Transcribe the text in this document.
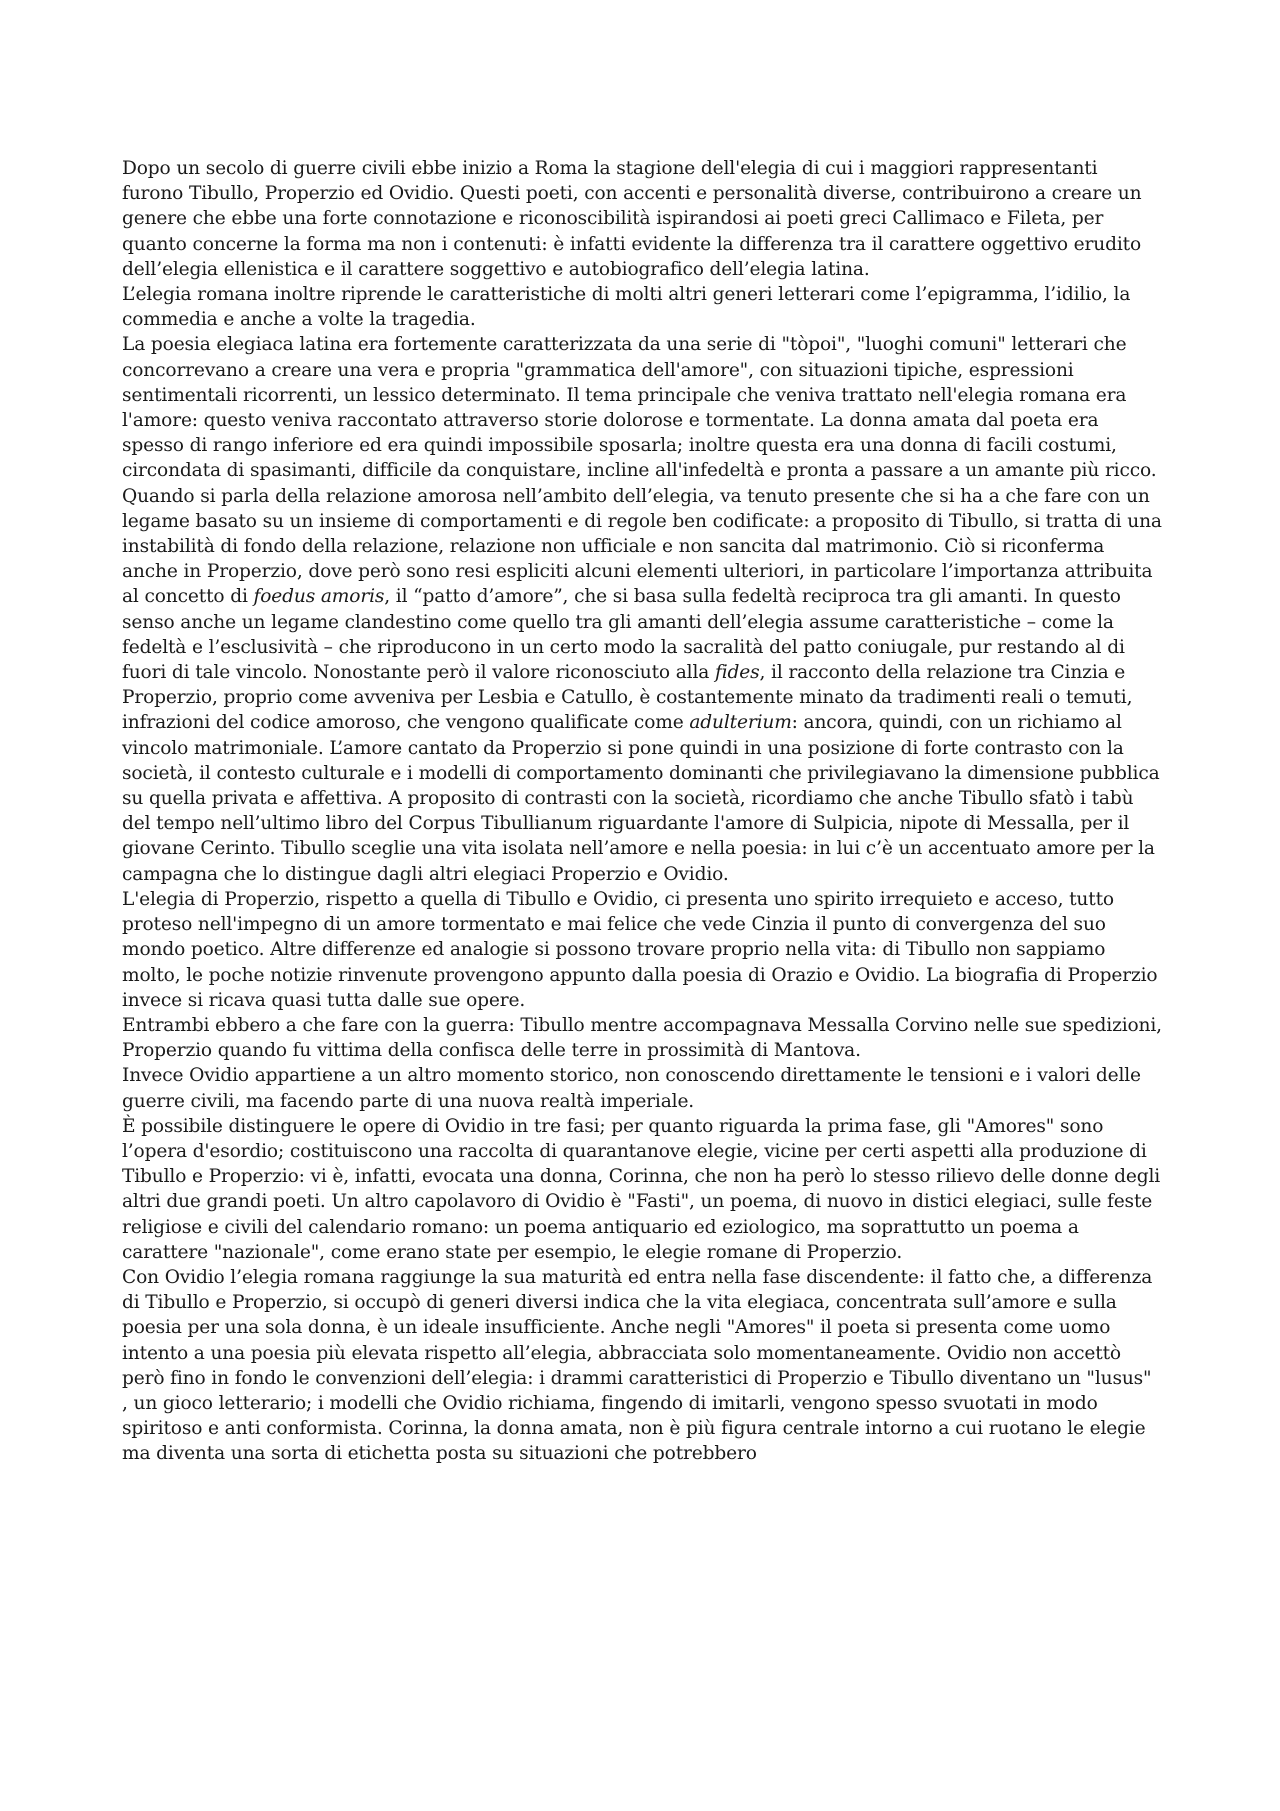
Dopo un secolo di guerre civili ebbe inizio a Roma la stagione dell'elegia di cui i maggiori rappresentanti furono Tibullo, Properzio ed Ovidio. Questi poeti, con accenti e personalità diverse, contribuirono a creare un genere che ebbe una forte connotazione e riconoscibilità ispirandosi ai poeti greci Callimaco e Fileta, per quanto concerne la forma ma non i contenuti: è infatti evidente la differenza tra il carattere oggettivo erudito dell’elegia ellenistica e il carattere soggettivo e autobiografico dell’elegia latina.

L’elegia romana inoltre riprende le caratteristiche di molti altri generi letterari come l’epigramma, l’idilio, la commedia e anche a volte la tragedia.

La poesia elegiaca latina era fortemente caratterizzata da una serie di "tòpoi", "luoghi comuni" letterari che concorrevano a creare una vera e propria "grammatica dell'amore", con situazioni tipiche, espressioni sentimentali ricorrenti, un lessico determinato. Il tema principale che veniva trattato nell'elegia romana era l'amore: questo veniva raccontato attraverso storie dolorose e tormentate. La donna amata dal poeta era spesso di rango inferiore ed era quindi impossibile sposarla; inoltre questa era una donna di facili costumi, circondata di spasimanti, difficile da conquistare, incline all'infedeltà e pronta a passare a un amante più ricco. Quando si parla della relazione amorosa nell’ambito dell’elegia, va tenuto presente che si ha a che fare con un legame basato su un insieme di comportamenti e di regole ben codificate: a proposito di Tibullo, si tratta di una instabilità di fondo della relazione, relazione non ufficiale e non sancita dal matrimonio. Ciò si riconferma anche in Properzio, dove però sono resi espliciti alcuni elementi ulteriori, in particolare l’importanza attribuita al concetto di foedus amoris, il “patto d’amore”, che si basa sulla fedeltà reciproca tra gli amanti. In questo senso anche un legame clandestino come quello tra gli amanti dell’elegia assume caratteristiche – come la fedeltà e l’esclusività – che riproducono in un certo modo la sacralità del patto coniugale, pur restando al di fuori di tale vincolo. Nonostante però il valore riconosciuto alla fides, il racconto della relazione tra Cinzia e Properzio, proprio come avveniva per Lesbia e Catullo, è costantemente minato da tradimenti reali o temuti, infrazioni del codice amoroso, che vengono qualificate come adulterium: ancora, quindi, con un richiamo al vincolo matrimoniale. L’amore cantato da Properzio si pone quindi in una posizione di forte contrasto con la società, il contesto culturale e i modelli di comportamento dominanti che privilegiavano la dimensione pubblica su quella privata e affettiva. A proposito di contrasti con la società, ricordiamo che anche Tibullo sfatò i tabù del tempo nell’ultimo libro del Corpus Tibullianum riguardante l'amore di Sulpicia, nipote di Messalla, per il giovane Cerinto. Tibullo sceglie una vita isolata nell’amore e nella poesia: in lui c’è un accentuato amore per la campagna che lo distingue dagli altri elegiaci Properzio e Ovidio.

L'elegia di Properzio, rispetto a quella di Tibullo e Ovidio, ci presenta uno spirito irrequieto e acceso, tutto proteso nell'impegno di un amore tormentato e mai felice che vede Cinzia il punto di convergenza del suo mondo poetico. Altre differenze ed analogie si possono trovare proprio nella vita: di Tibullo non sappiamo molto, le poche notizie rinvenute provengono appunto dalla poesia di Orazio e Ovidio. La biografia di Properzio invece si ricava quasi tutta dalle sue opere.

Entrambi ebbero a che fare con la guerra: Tibullo mentre accompagnava Messalla Corvino nelle sue spedizioni, Properzio quando fu vittima della confisca delle terre in prossimità di Mantova.

Invece Ovidio appartiene a un altro momento storico, non conoscendo direttamente le tensioni e i valori delle guerre civili, ma facendo parte di una nuova realtà imperiale.

È possibile distinguere le opere di Ovidio in tre fasi; per quanto riguarda la prima fase, gli "Amores" sono l’opera d'esordio; costituiscono una raccolta di quarantanove elegie, vicine per certi aspetti alla produzione di Tibullo e Properzio: vi è, infatti, evocata una donna, Corinna, che non ha però lo stesso rilievo delle donne degli altri due grandi poeti. Un altro capolavoro di Ovidio è "Fasti", un poema, di nuovo in distici elegiaci, sulle feste religiose e civili del calendario romano: un poema antiquario ed eziologico, ma soprattutto un poema a carattere "nazionale", come erano state per esempio, le elegie romane di Properzio.

Con Ovidio l’elegia romana raggiunge la sua maturità ed entra nella fase discendente: il fatto che, a differenza di Tibullo e Properzio, si occupò di generi diversi indica che la vita elegiaca, concentrata sull’amore e sulla poesia per una sola donna, è un ideale insufficiente. Anche negli "Amores" il poeta si presenta come uomo intento a una poesia più elevata rispetto all’elegia, abbracciata solo momentaneamente. Ovidio non accettò però fino in fondo le convenzioni dell’elegia: i drammi caratteristici di Properzio e Tibullo diventano un "lusus" , un gioco letterario; i modelli che Ovidio richiama, fingendo di imitarli, vengono spesso svuotati in modo spiritoso e anti conformista. Corinna, la donna amata, non è più figura centrale intorno a cui ruotano le elegie ma diventa una sorta di etichetta posta su situazioni che potrebbero
